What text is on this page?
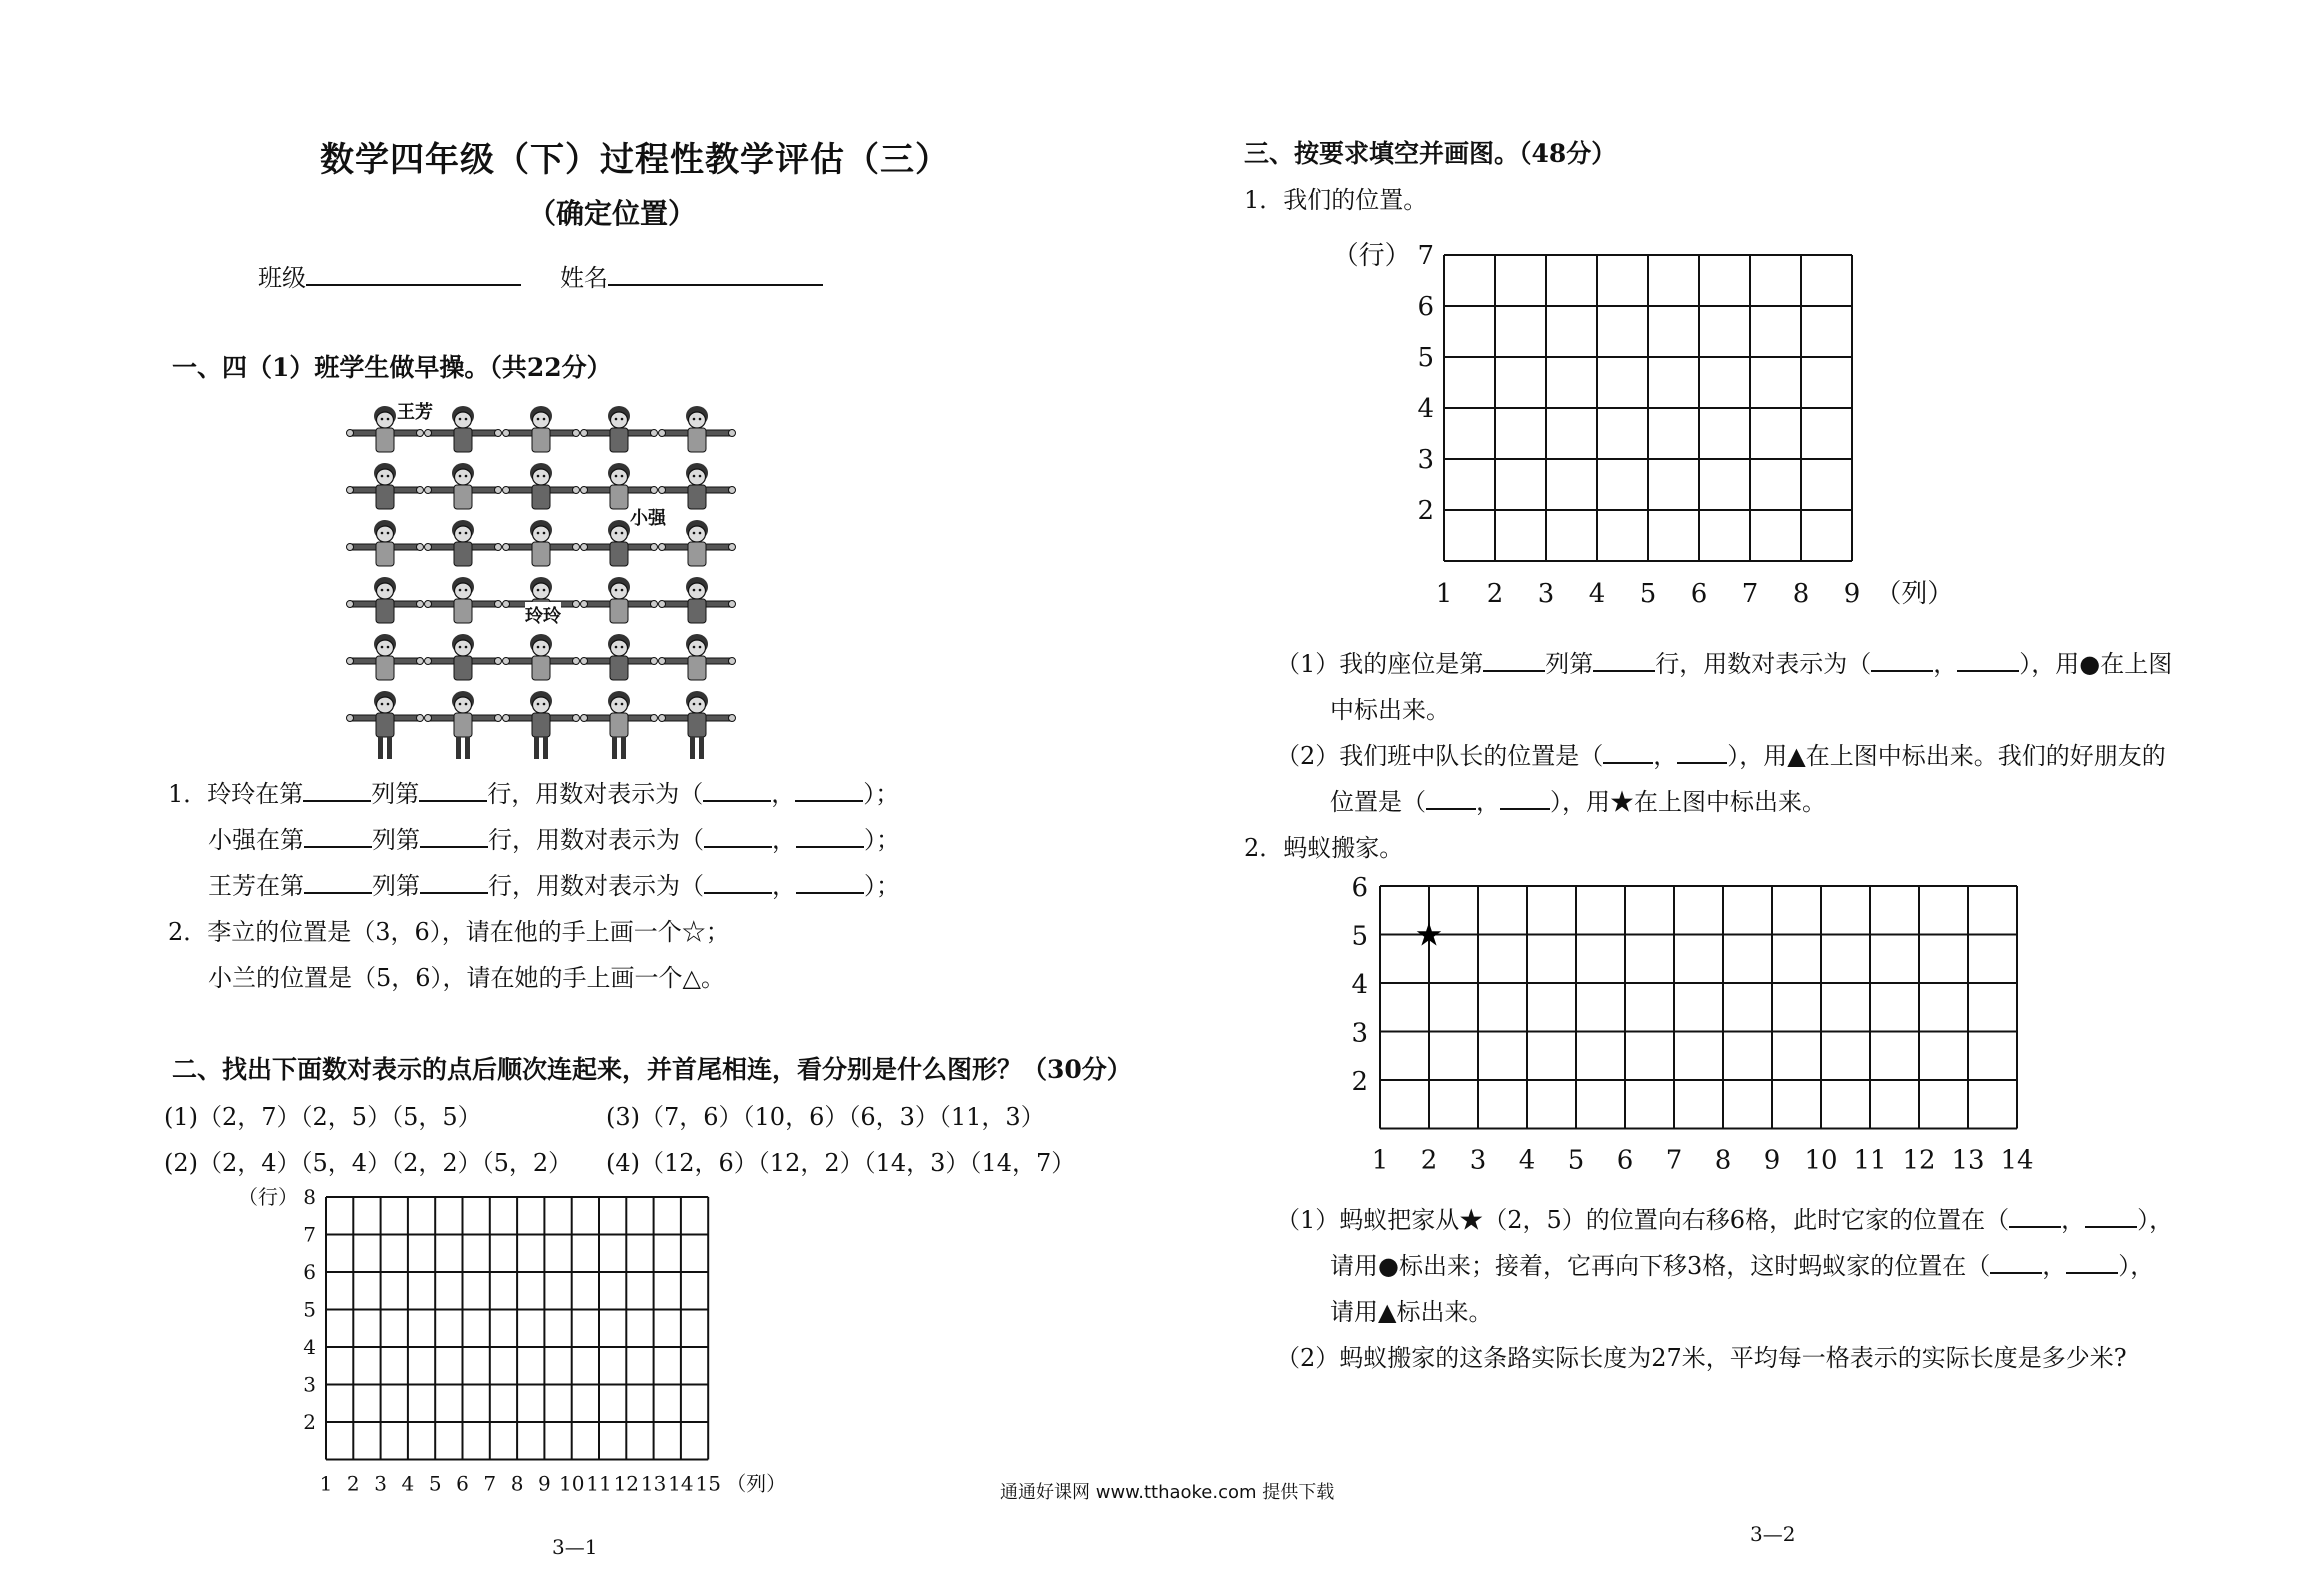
数学四年级（下）过程性教学评估（三）
（确定位置）
班级	姓名
一、四（1）班学生做早操。（共22分）
王芳
小强
玲玲
1．玲玲在第	列第	行，用数对表示为（	，	）；
小强在第	列第	行，用数对表示为（	，	）；
王芳在第	列第	行，用数对表示为（	，	）；
2．李立的位置是（3，6），请在他的手上画一个☆；
小兰的位置是（5，6），请在她的手上画一个△。
二、找出下面数对表示的点后顺次连起来，并首尾相连，看分别是什么图形？（30分）
(1)（2，7）（2，5）（5，5）	(3)（7，6）（10，6）（6，3）（11，3）
(2)（2，4）（5，4）（2，2）（5，2） (4)（12，6）（12，2）（14，3）（14，7）
8
7
6
5
4
3
2
1 2 3 4 5 6 7 8 9 10 11 12 13 14 15
（行）
（列）
三、按要求填空并画图。（48分）
1．我们的位置。
7
6
5
4
3
2
1 2 3 4 5 6 7 8 9
（行）
（列）
（1）我的座位是第	列第	行，用数对表示为（	，	），用●在上图
中标出来。
（2）我们班中队长的位置是（ ， ），用▲在上图中标出来。我们的好朋友的
位置是（ ， ），用★在上图中标出来。
2．蚂蚁搬家。
6
5
4
3
2
1 2 3 4 5 6 7 8 9 10 11 12 13 14
★
（1）蚂蚁把家从★（2，5）的位置向右移6格，此时它家的位置在（ ， ），
请用●标出来；接着，它再向下移3格，这时蚂蚁家的位置在（ ， ），
请用▲标出来。
（2）蚂蚁搬家的这条路实际长度为27米，平均每一格表示的实际长度是多少米?
通通好课网 www.tthaoke.com 提供下载
3—1
3—2
